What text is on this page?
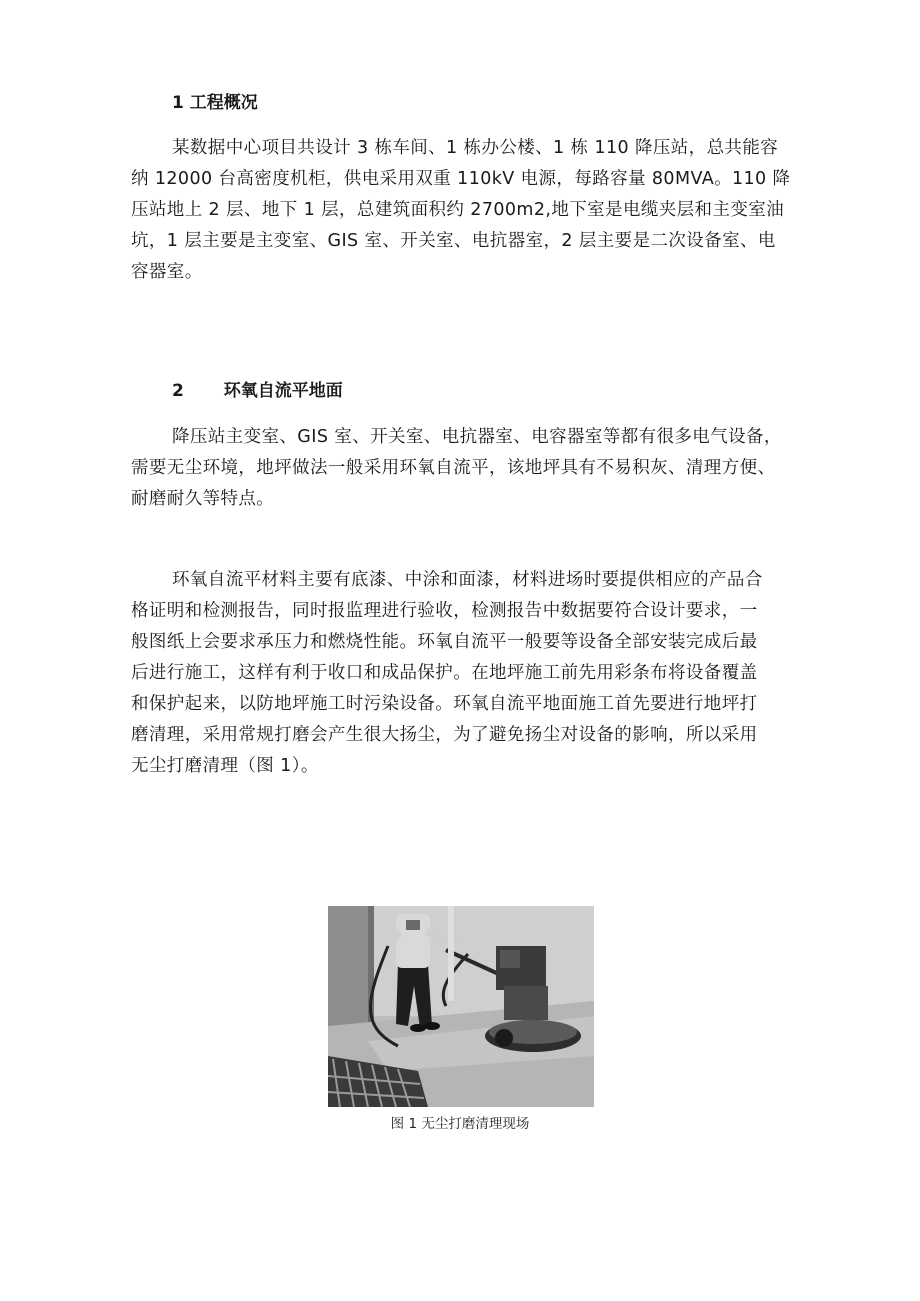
1 工程概况
某数据中心项目共设计 3 栋车间、1 栋办公楼、1 栋 110 降压站，总共能容
纳 12000 台高密度机柜，供电采用双重 110kV 电源，每路容量 80MVA。110 降
压站地上 2 层、地下 1 层，总建筑面积约 2700m2,地下室是电缆夹层和主变室油
坑，1 层主要是主变室、GIS 室、开关室、电抗器室，2 层主要是二次设备室、电
容器室。
2 环氧自流平地面
降压站主变室、GIS 室、开关室、电抗器室、电容器室等都有很多电气设备，
需要无尘环境，地坪做法一般采用环氧自流平，该地坪具有不易积灰、清理方便、
耐磨耐久等特点。
环氧自流平材料主要有底漆、中涂和面漆，材料进场时要提供相应的产品合
格证明和检测报告，同时报监理进行验收，检测报告中数据要符合设计要求，一
般图纸上会要求承压力和燃烧性能。环氧自流平一般要等设备全部安装完成后最
后进行施工，这样有利于收口和成品保护。在地坪施工前先用彩条布将设备覆盖
和保护起来，以防地坪施工时污染设备。环氧自流平地面施工首先要进行地坪打
磨清理，采用常规打磨会产生很大扬尘，为了避免扬尘对设备的影响，所以采用
无尘打磨清理（图 1）。
图 1 无尘打磨清理现场
